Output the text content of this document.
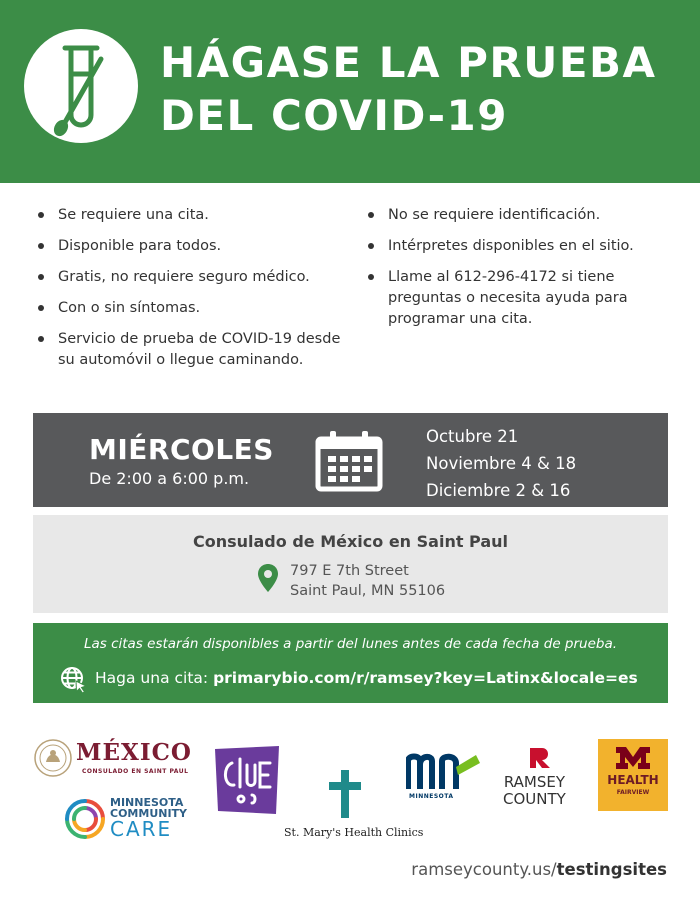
HÁGASE LA PRUEBA
DEL COVID-19
Se requiere una cita.
Disponible para todos.
Gratis, no requiere seguro médico.
Con o sin síntomas.
Servicio de prueba de COVID-19 desde su automóvil o llegue caminando.
No se requiere identificación.
Intérpretes disponibles en el sitio.
Llame al 612-296-4172 si tiene preguntas o necesita ayuda para programar una cita.
MIÉRCOLES
De 2:00 a 6:00 p.m.
Octubre 21
Noviembre 4 & 18
Diciembre 2 & 16
Consulado de México en Saint Paul
797 E 7th Street
Saint Paul, MN 55106
Las citas estarán disponibles a partir del lunes antes de cada fecha de prueba.
Haga una cita: primarybio.com/r/ramsey?key=Latinx&locale=es
MÉXICO
CONSULADO EN SAINT PAUL
MINNESOTA
COMMUNITY
CARE	St. Mary's Health Clinics
MINNESOTA
RAMSEY
COUNTY
HEALTH
FAIRVIEW
ramseycounty.us/testingsites
